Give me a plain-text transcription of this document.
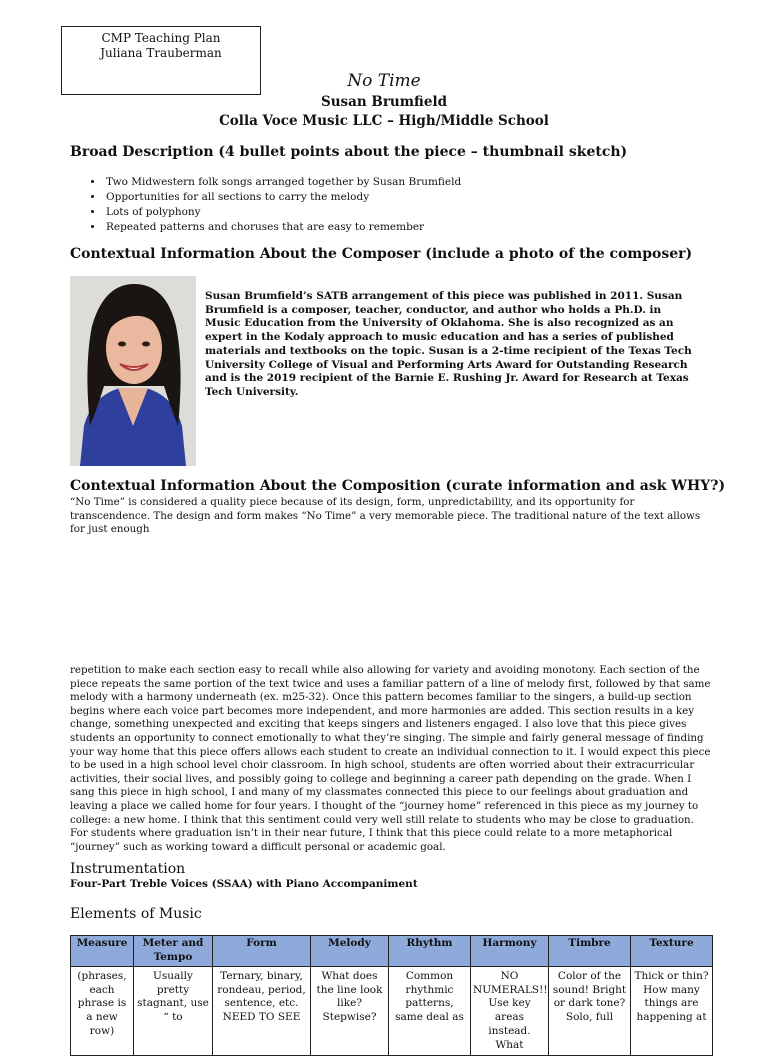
CMP Teaching Plan
Juliana Trauberman
No Time
Susan Brumfield
Colla Voce Music LLC – High/Middle School
Broad Description (4 bullet points about the piece – thumbnail sketch)
• Two Midwestern folk songs arranged together by Susan Brumfield
• Opportunities for all sections to carry the melody
• Lots of polyphony
• Repeated patterns and choruses that are easy to remember
Contextual Information About the Composer (include a photo of the composer)
Susan Brumfield’s SATB arrangement of this piece was published in 2011. Susan Brumfield is a composer, teacher, conductor, and author who holds a Ph.D. in Music Education from the University of Oklahoma. She is also recognized as an expert in the Kodaly approach to music education and has a series of published materials and textbooks on the topic. Susan is a 2-time recipient of the Texas Tech University College of Visual and Performing Arts Award for Outstanding Research and is the 2019 recipient of the Barnie E. Rushing Jr. Award for Research at Texas Tech University.
Contextual Information About the Composition (curate information and ask WHY?)
“No Time” is considered a quality piece because of its design, form, unpredictability, and its opportunity for transcendence. The design and form makes “No Time” a very memorable piece. The traditional nature of the text allows for just enough
repetition to make each section easy to recall while also allowing for variety and avoiding monotony. Each section of the piece repeats the same portion of the text twice and uses a familiar pattern of a line of melody first, followed by that same melody with a harmony underneath (ex. m25-32). Once this pattern becomes familiar to the singers, a build-up section begins where each voice part becomes more independent, and more harmonies are added. This section results in a key change, something unexpected and exciting that keeps singers and listeners engaged. I also love that this piece gives students an opportunity to connect emotionally to what they’re singing. The simple and fairly general message of finding your way home that this piece offers allows each student to create an individual connection to it. I would expect this piece to be used in a high school level choir classroom. In high school, students are often worried about their extracurricular activities, their social lives, and possibly going to college and beginning a career path depending on the grade. When I sang this piece in high school, I and many of my classmates connected this piece to our feelings about graduation and leaving a place we called home for four years. I thought of the “journey home” referenced in this piece as my journey to college: a new home. I think that this sentiment could very well still relate to students who may be close to graduation. For students where graduation isn’t in their near future, I think that this piece could relate to a more metaphorical “journey” such as working toward a difficult personal or academic goal.
Instrumentation
Four-Part Treble Voices (SSAA) with Piano Accompaniment
Elements of Music
Measure	Meter and Tempo	Form	Melody	Rhythm	Harmony	Timbre	Texture
(phrases, each phrase is a new row)	Usually pretty stagnant, use “ to	Ternary, binary, rondeau, period, sentence, etc. NEED TO SEE	What does the line look like? Stepwise?	Common rhythmic patterns, same deal as	NO NUMERALS!! Use key areas instead. What	Color of the sound! Bright or dark tone? Solo, full	Thick or thin? How many things are happening at
